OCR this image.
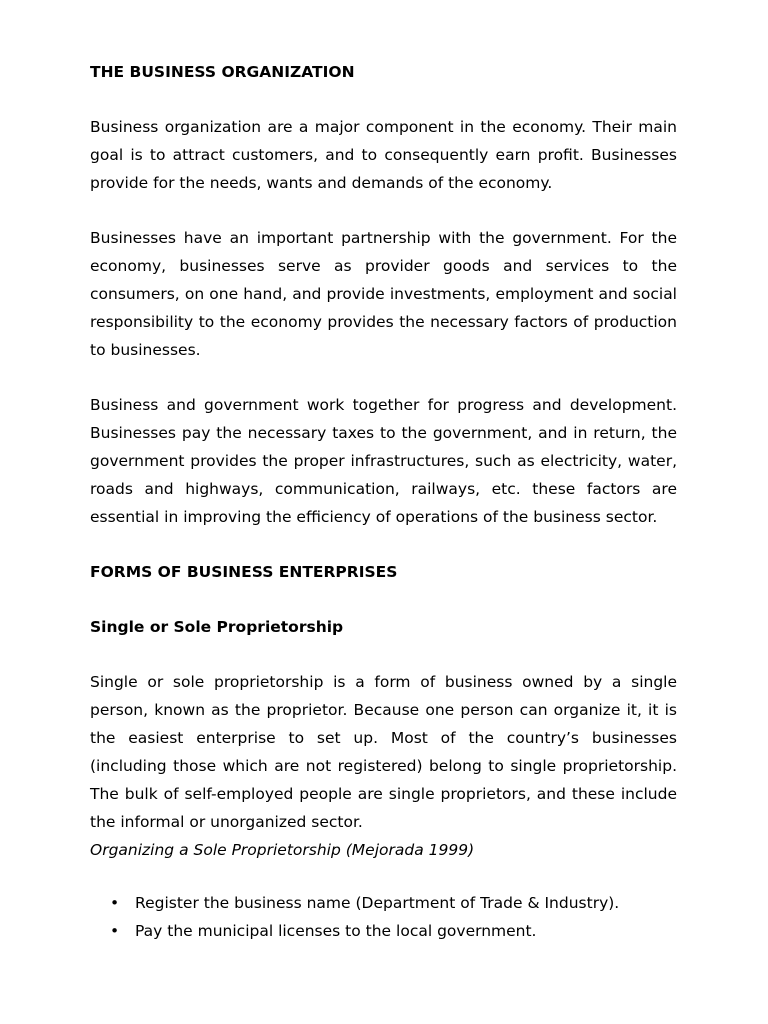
THE BUSINESS ORGANIZATION

Business organization are a major component in the economy. Their main goal is to attract customers, and to consequently earn profit. Businesses provide for the needs, wants and demands of the economy.

Businesses have an important partnership with the government. For the economy, businesses serve as provider goods and services to the consumers, on one hand, and provide investments, employment and social responsibility to the economy provides the necessary factors of production to businesses.

Business and government work together for progress and development. Businesses pay the necessary taxes to the government, and in return, the government provides the proper infrastructures, such as electricity, water, roads and highways, communication, railways, etc. these factors are essential in improving the efficiency of operations of the business sector.

FORMS OF BUSINESS ENTERPRISES

Single or Sole Proprietorship

Single or sole proprietorship is a form of business owned by a single person, known as the proprietor. Because one person can organize it, it is the easiest enterprise to set up. Most of the country’s businesses (including those which are not registered) belong to single proprietorship. The bulk of self-employed people are single proprietors, and these include the informal or unorganized sector.

Organizing a Sole Proprietorship (Mejorada 1999)

• Register the business name (Department of Trade & Industry).
• Pay the municipal licenses to the local government.
